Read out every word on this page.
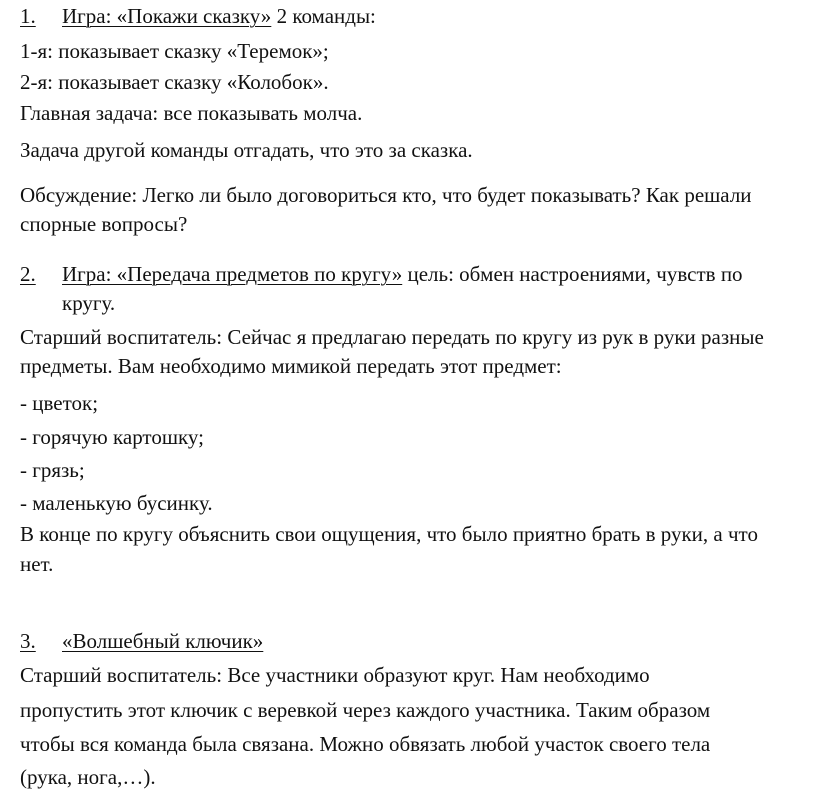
1. Игра: «Покажи сказку» 2 команды:
1-я: показывает сказку «Теремок»;
2-я: показывает сказку «Колобок».
Главная задача: все показывать молча.
Задача другой команды отгадать, что это за сказка.
Обсуждение: Легко ли было договориться кто, что будет показывать? Как решали
спорные вопросы?
2. Игра: «Передача предметов по кругу» цель: обмен настроениями, чувств по
кругу.
Старший воспитатель: Сейчас я предлагаю передать по кругу из рук в руки разные
предметы. Вам необходимо мимикой передать этот предмет:
- цветок;
- горячую картошку;
- грязь;
- маленькую бусинку.
В конце по кругу объяснить свои ощущения, что было приятно брать в руки, а что
нет.
3. «Волшебный ключик»
Старший воспитатель: Все участники образуют круг. Нам необходимо
пропустить этот ключик с веревкой через каждого участника. Таким образом
чтобы вся команда была связана. Можно обвязать любой участок своего тела
(рука, нога,…).
